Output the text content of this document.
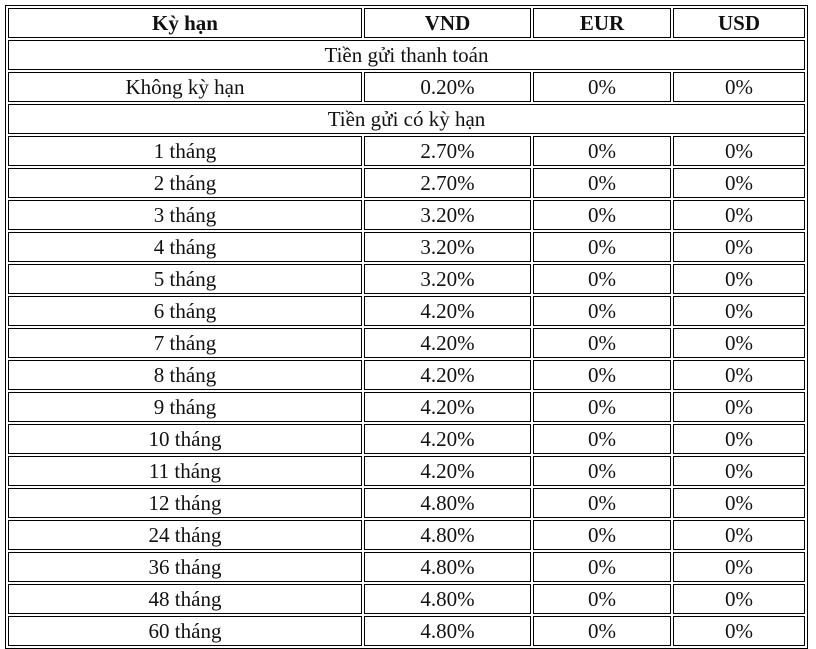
Kỳ hạn	VND	EUR	USD
Tiền gửi thanh toán			
Không kỳ hạn	0.20%	0%	0%
Tiền gửi có kỳ hạn			
1 tháng	2.70%	0%	0%
2 tháng	2.70%	0%	0%
3 tháng	3.20%	0%	0%
4 tháng	3.20%	0%	0%
5 tháng	3.20%	0%	0%
6 tháng	4.20%	0%	0%
7 tháng	4.20%	0%	0%
8 tháng	4.20%	0%	0%
9 tháng	4.20%	0%	0%
10 tháng	4.20%	0%	0%
11 tháng	4.20%	0%	0%
12 tháng	4.80%	0%	0%
24 tháng	4.80%	0%	0%
36 tháng	4.80%	0%	0%
48 tháng	4.80%	0%	0%
60 tháng	4.80%	0%	0%
